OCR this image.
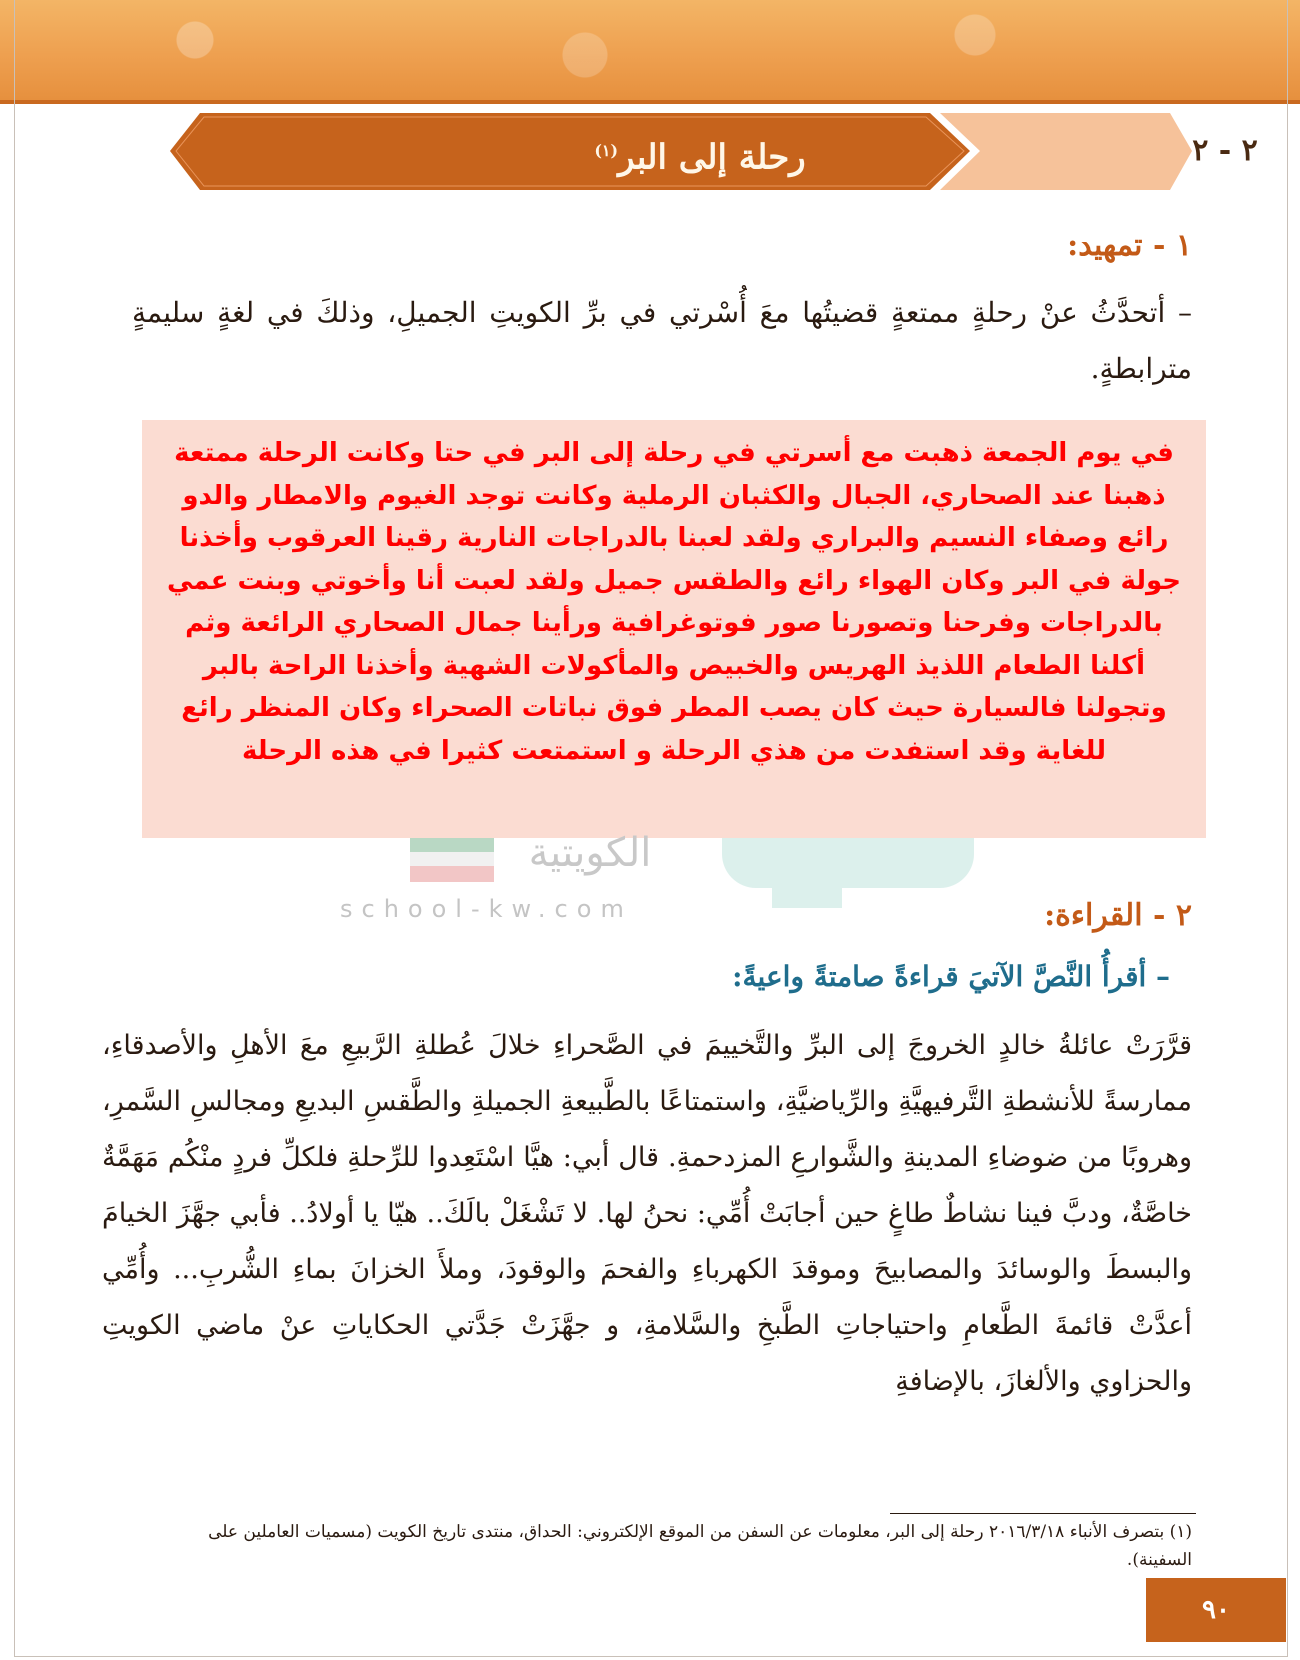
رحلة إلى البر$^{(١)}$	٢ - ٢
١ - تمهيد:
– أتحدَّثُ عنْ رحلةٍ ممتعةٍ قضيتُها معَ أُسْرتي في برِّ الكويتِ الجميلِ، وذلكَ في لغةٍ سليمةٍ مترابطةٍ.
في يوم الجمعة ذهبت مع أسرتي في رحلة إلى البر في حتا وكانت الرحلة ممتعة
ذهبنا عند الصحاري، الجبال والكثبان الرملية وكانت توجد الغيوم والامطار والدو
رائع وصفاء النسيم والبراري ولقد لعبنا بالدراجات النارية رقينا العرقوب وأخذنا
جولة في البر وكان الهواء رائع والطقس جميل ولقد لعبت أنا وأخوتي وبنت عمي
بالدراجات وفرحنا وتصورنا صور فوتوغرافية ورأينا جمال الصحاري الرائعة وثم
أكلنا الطعام اللذيذ الهريس والخبيص والمأكولات الشهية وأخذنا الراحة بالبر
وتجولنا فالسيارة حيث كان يصب المطر فوق نباتات الصحراء وكان المنظر رائع
للغاية وقد استفدت من هذي الرحلة و استمتعت كثيرا في هذه الرحلة
الكويتية
school-kw.com	٢ - القراءة:
– أقرأُ النَّصَّ الآتيَ قراءةً صامتةً واعيةً:
قرَّرَتْ عائلةُ خالدٍ الخروجَ إلى البرِّ والتَّخييمَ في الصَّحراءِ خلالَ عُطلةِ الرَّبيعِ معَ الأهلِ والأصدقاءِ، ممارسةً للأنشطةِ التَّرفيهيَّةِ والرِّياضيَّةِ، واستمتاعًا بالطَّبيعةِ الجميلةِ والطَّقسِ البديعِ ومجالسِ السَّمرِ، وهروبًا من ضوضاءِ المدينةِ والشَّوارعِ المزدحمةِ. قال أبي: هيَّا اسْتَعِدوا للرِّحلةِ فلكلِّ فردٍ منْكُم مَهَمَّةٌ خاصَّةٌ، ودبَّ فينا نشاطٌ طاغٍ حين أجابَتْ أُمِّي: نحنُ لها. لا تَشْغَلْ بالَكَ.. هيّا يا أولادُ.. فأبي جهَّزَ الخيامَ والبسطَ والوسائدَ والمصابيحَ وموقدَ الكهرباءِ والفحمَ والوقودَ، وملأَ الخزانَ بماءِ الشُّربِ... وأُمِّي أعدَّتْ قائمةَ الطَّعامِ واحتياجاتِ الطَّبخِ والسَّلامةِ، و جهَّزَتْ جَدَّتي الحكاياتِ عنْ ماضي الكويتِ والحزاوي والألغازَ، بالإضافةِ
(١) بتصرف الأنباء ٢٠١٦/٣/١٨ رحلة إلى البر، معلومات عن السفن من الموقع الإلكتروني: الحداق، منتدى تاريخ الكويت (مسميات العاملين على السفينة).
٩٠
